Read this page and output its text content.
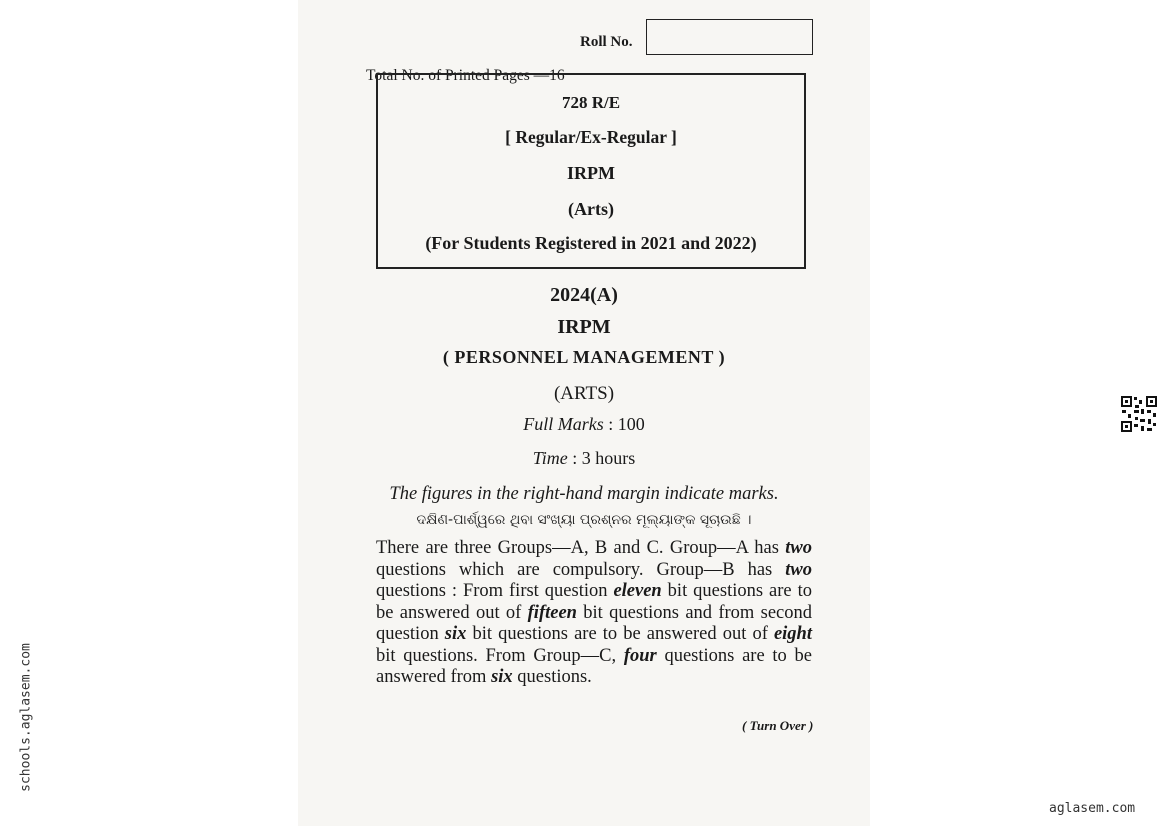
Roll No.
Total No. of Printed Pages —16
728 R/E
[ Regular/Ex-Regular ]
IRPM
(Arts)
(For Students Registered in 2021 and 2022)
2024(A)
IRPM
( PERSONNEL MANAGEMENT )
(ARTS)
Full Marks : 100
Time : 3 hours
The figures in the right-hand margin indicate marks.
ଦକ୍ଷିଣ-ପାର୍ଶ୍ୱରେ ଥିବା ସଂଖ୍ୟା ପ୍ରଶ୍ନର ମୂଲ୍ୟାଙ୍କ ସୂଚାଉଛି ।
There are three Groups—A, B and C. Group—A has two questions which are compulsory. Group—B has two questions : From first question eleven bit questions are to be answered out of fifteen bit questions and from second question six bit questions are to be answered out of eight bit questions. From Group—C, four questions are to be answered from six questions.
( Turn Over )
schools.aglasem.com
aglasem.com
